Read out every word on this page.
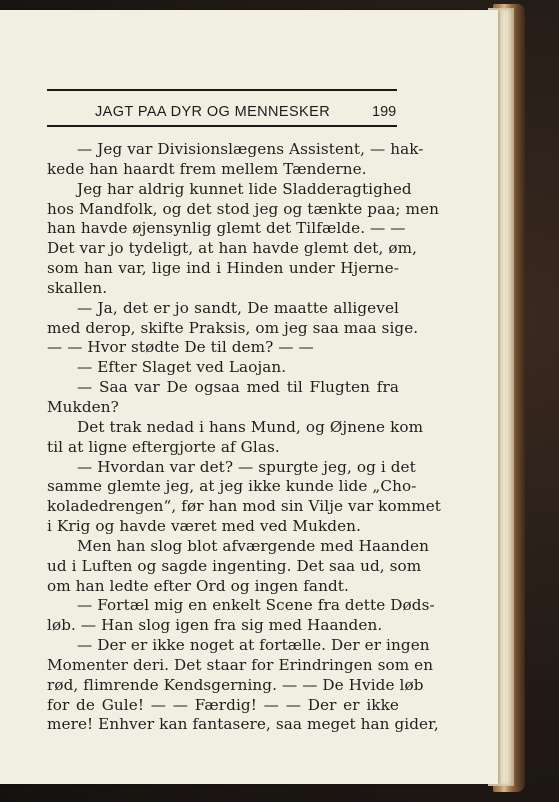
JAGT PAA DYR OG MENNESKER	199
— Jeg var Divisionslægens Assistent, — hak-
kede han haardt frem mellem Tænderne.
Jeg har aldrig kunnet lide Sladderagtighed
hos Mandfolk, og det stod jeg og tænkte paa; men
han havde øjensynlig glemt det Tilfælde. — —
Det var jo tydeligt, at han havde glemt det, øm,
som han var, lige ind i Hinden under Hjerne-
skallen.
— Ja, det er jo sandt, De maatte alligevel
med derop, skifte Praksis, om jeg saa maa sige.
— — Hvor stødte De til dem? — —
— Efter Slaget ved Laojan.
— Saa var De ogsaa med til Flugten fra
Mukden?
Det trak nedad i hans Mund, og Øjnene kom
til at ligne eftergjorte af Glas.
— Hvordan var det? — spurgte jeg, og i det
samme glemte jeg, at jeg ikke kunde lide „Cho-
koladedrengen“, før han mod sin Vilje var kommet
i Krig og havde været med ved Mukden.
Men han slog blot afværgende med Haanden
ud i Luften og sagde ingenting. Det saa ud, som
om han ledte efter Ord og ingen fandt.
— Fortæl mig en enkelt Scene fra dette Døds-
løb. — Han slog igen fra sig med Haanden.
— Der er ikke noget at fortælle. Der er ingen
Momenter deri. Det staar for Erindringen som en
rød, flimrende Kendsgerning. — — De Hvide løb
for de Gule! — — Færdig! — — Der er ikke
mere! Enhver kan fantasere, saa meget han gider,
